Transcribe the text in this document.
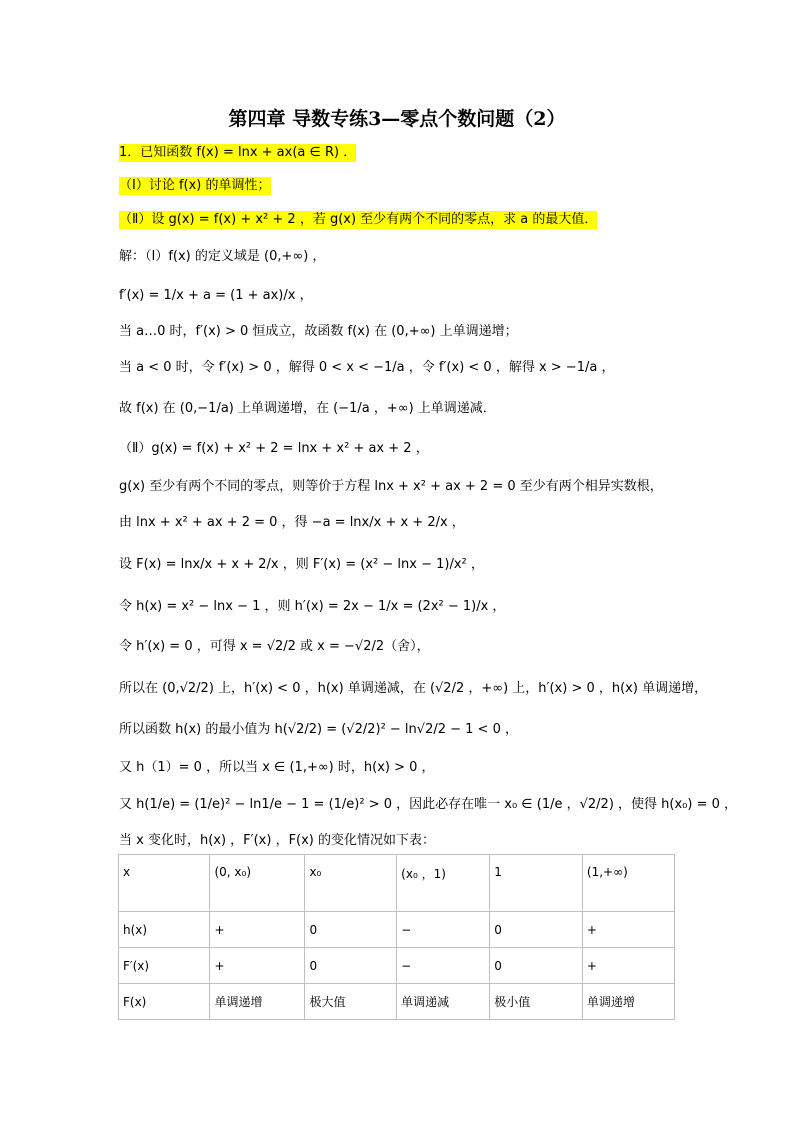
第四章 导数专练3—零点个数问题（2）
1．已知函数 f(x) = lnx + ax(a ∈ R) ．
（Ⅰ）讨论 f(x) 的单调性；
（Ⅱ）设 g(x) = f(x) + x² + 2 ，若 g(x) 至少有两个不同的零点，求 a 的最大值．
解：（Ⅰ）f(x) 的定义域是 (0,+∞) ，
f′(x) = 1/x + a = (1 + ax)/x ，
当 a…0 时，f′(x) > 0 恒成立，故函数 f(x) 在 (0,+∞) 上单调递增；
当 a < 0 时，令 f′(x) > 0 ，解得 0 < x < −1/a ，令 f′(x) < 0 ，解得 x > −1/a ，
故 f(x) 在 (0,−1/a) 上单调递增，在 (−1/a ，+∞) 上单调递减．
（Ⅱ）g(x) = f(x) + x² + 2 = lnx + x² + ax + 2 ，
g(x) 至少有两个不同的零点，则等价于方程 lnx + x² + ax + 2 = 0 至少有两个相异实数根，
由 lnx + x² + ax + 2 = 0 ，得 −a = lnx/x + x + 2/x ，
设 F(x) = lnx/x + x + 2/x ，则 F′(x) = (x² − lnx − 1)/x² ，
令 h(x) = x² − lnx − 1 ，则 h′(x) = 2x − 1/x = (2x² − 1)/x ，
令 h′(x) = 0 ，可得 x = √2/2 或 x = −√2/2（舍），
所以在 (0,√2/2) 上，h′(x) < 0 ，h(x) 单调递减，在 (√2/2 ，+∞) 上，h′(x) > 0 ，h(x) 单调递增，
所以函数 h(x) 的最小值为 h(√2/2) = (√2/2)² − ln√2/2 − 1 < 0 ，
又 h（1）= 0 ，所以当 x ∈ (1,+∞) 时，h(x) > 0 ，
又 h(1/e) = (1/e)² − ln1/e − 1 = (1/e)² > 0 ，因此必存在唯一 x₀ ∈ (1/e ，√2/2) ，使得 h(x₀) = 0 ，
当 x 变化时，h(x) ，F′(x) ，F(x) 的变化情况如下表：
x	(0, x₀)	x₀	(x₀ ，1)	1	(1,+∞)
h(x)	+	0	−	0	+
F′(x)	+	0	−	0	+
F(x)	单调递增	极大值	单调递减	极小值	单调递增
